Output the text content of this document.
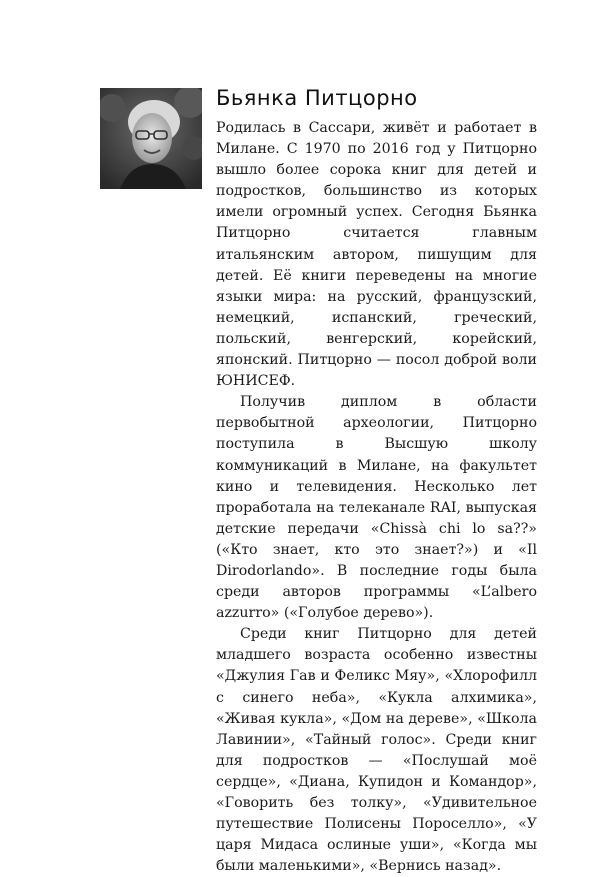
Бьянка Питцорно

Родилась в Сассари, живёт и работает в Милане. С 1970 по 2016 год у Питцорно вышло более сорока книг для детей и подростков, большинство из которых имели огромный успех. Сегодня Бьянка Питцорно считается главным итальянским автором, пишущим для детей. Её книги переведены на многие языки мира: на русский, французский, немецкий, испанский, греческий, польский, венгерский, корейский, японский. Питцорно — посол доброй воли ЮНИСЕФ.

Получив диплом в области первобытной археологии, Питцорно поступила в Высшую школу коммуникаций в Милане, на факультет кино и телевидения. Несколько лет проработала на телеканале RAI, выпуская детские передачи «Chissà chi lo sa??» («Кто знает, кто это знает?») и «Il Dirodorlando». В последние годы была среди авторов программы «L’albero azzurro» («Голубое дерево»).

Среди книг Питцорно для детей младшего возраста особенно известны «Джулия Гав и Феликс Мяу», «Хлорофилл с синего неба», «Кукла алхимика», «Живая кукла», «Дом на дереве», «Школа Лавинии», «Тайный голос». Среди книг для подростков — «Послушай моё сердце», «Диана, Купидон и Командор», «Говорить без толку», «Удивительное путешествие Полисены Пороселло», «У царя Мидаса ослиные уши», «Когда мы были маленькими», «Вернись назад».
